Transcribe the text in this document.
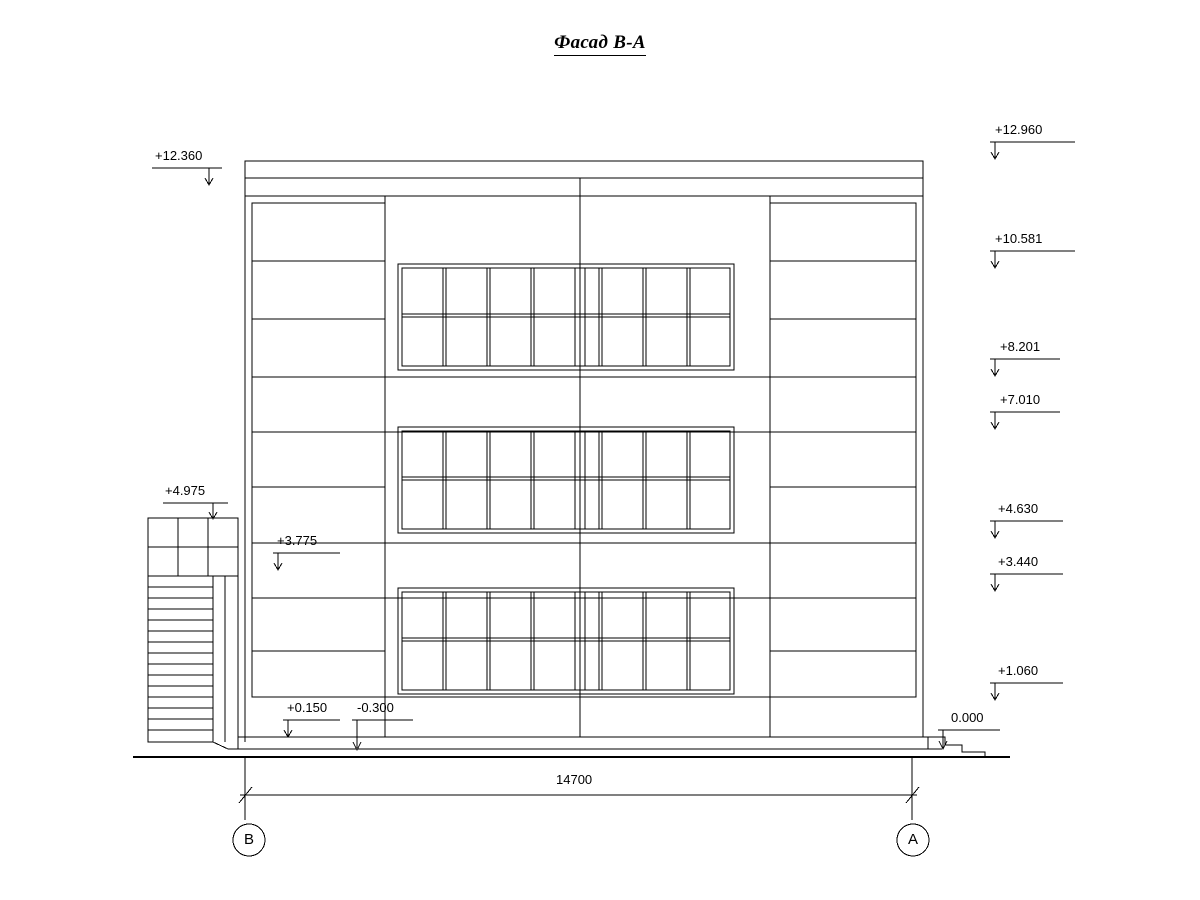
Фасад В-А
+12.960
+10.581
+8.201
+7.010
+4.630
+3.440
+1.060
0.000
+12.360
+4.975
+3.775
+0.150 -0.300
14700
В	А
